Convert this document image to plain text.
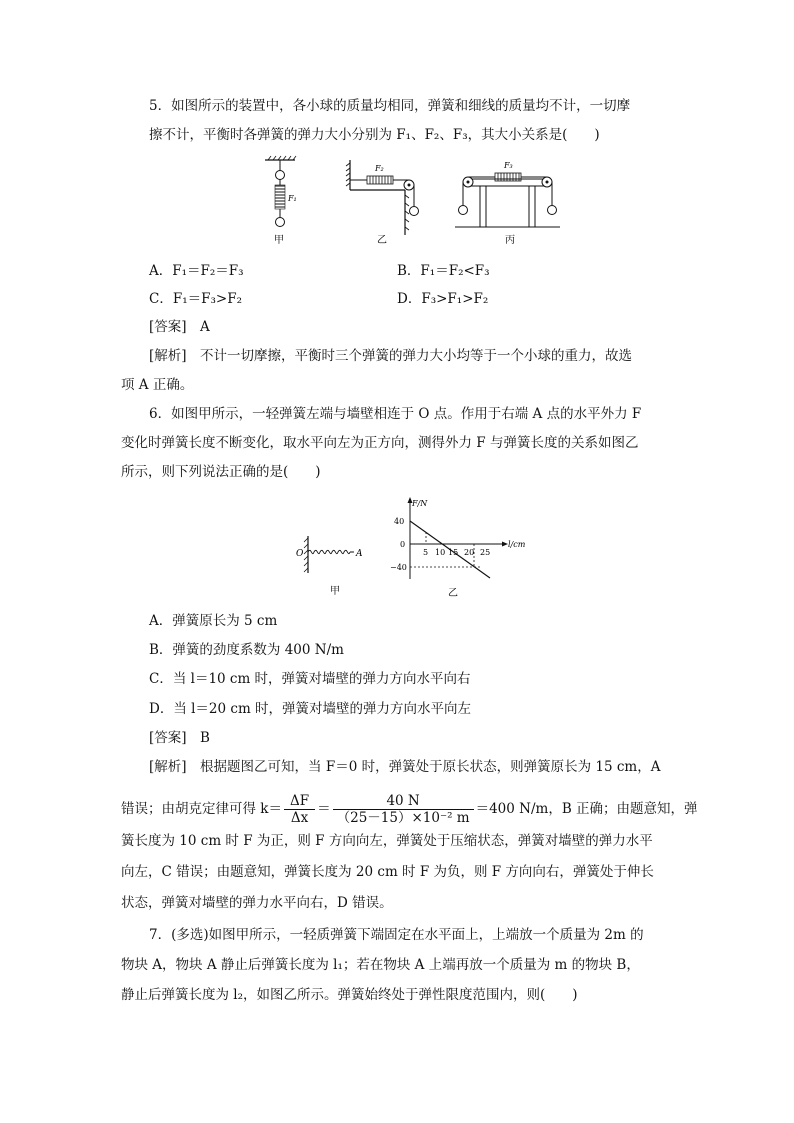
5．如图所示的装置中，各小球的质量均相同，弹簧和细线的质量均不计，一切摩
擦不计，平衡时各弹簧的弹力大小分别为 F₁、F₂、F₃，其大小关系是(　　)
F₁
甲
F₂
乙
F₃
丙
A．F₁＝F₂＝F₃	B．F₁＝F₂<F₃
C．F₁＝F₃>F₂	D．F₃>F₁>F₂
[答案]　 A
[解析]　 不计一切摩擦，平衡时三个弹簧的弹力大小均等于一个小球的重力，故选
项 A 正确。
6．如图甲所示，一轻弹簧左端与墙壁相连于 O 点。作用于右端 A 点的水平外力 F
变化时弹簧长度不断变化，取水平向左为正方向，测得外力 F 与弹簧长度的关系如图乙
所示，则下列说法正确的是(　　)
O	A
甲
F/N
l/cm
40
0
−40
5 10 15 20 25
乙
A．弹簧原长为 5 cm
B．弹簧的劲度系数为 400 N/m
C．当 l＝10 cm 时，弹簧对墙壁的弹力方向水平向右
D．当 l＝20 cm 时，弹簧对墙壁的弹力方向水平向左
[答案]　 B
[解析]　 根据题图乙可知，当 F＝0 时，弹簧处于原长状态，则弹簧原长为 15 cm，A
错误；由胡克定律可得 $k= \frac{\Delta F}{\Delta x} = \frac{40 N}{\text{（25－15）×10⁻² m}} =400$ N/m，B 正确；由题意知，弹
簧长度为 10 cm 时 F 为正，则 F 方向向左，弹簧处于压缩状态，弹簧对墙壁的弹力水平
向左，C 错误；由题意知，弹簧长度为 20 cm 时 F 为负，则 F 方向向右，弹簧处于伸长
状态，弹簧对墙壁的弹力水平向右，D 错误。
7．(多选)如图甲所示，一轻质弹簧下端固定在水平面上，上端放一个质量为 2m 的
物块 A，物块 A 静止后弹簧长度为 l₁；若在物块 A 上端再放一个质量为 m 的物块 B，
静止后弹簧长度为 l₂，如图乙所示。弹簧始终处于弹性限度范围内，则(　　)
